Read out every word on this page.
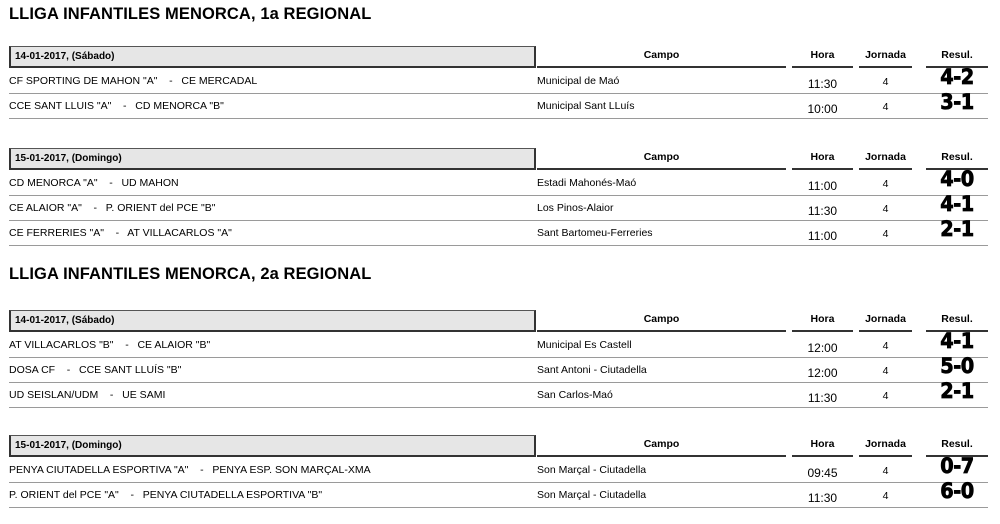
LLIGA INFANTILES MENORCA, 1a REGIONAL
14-01-2017, (Sábado)	Campo	Hora	Jornada	Resul.
CF SPORTING DE MAHON "A"    -   CE MERCADAL	Municipal de Maó	11:30	4	4-2
CCE SANT LLUIS "A"    -   CD MENORCA "B"	Municipal Sant LLuís	10:00	4	3-1
15-01-2017, (Domingo)	Campo	Hora	Jornada	Resul.
CD MENORCA "A"    -   UD MAHON	Estadi Mahonés-Maó	11:00	4	4-0
CE ALAIOR "A"    -   P. ORIENT del PCE "B"	Los Pinos-Alaior	11:30	4	4-1
CE FERRERIES "A"    -   AT VILLACARLOS "A"	Sant Bartomeu-Ferreries	11:00	4	2-1
LLIGA INFANTILES MENORCA, 2a REGIONAL
14-01-2017, (Sábado)	Campo	Hora	Jornada	Resul.
AT VILLACARLOS "B"    -   CE ALAIOR "B"	Municipal Es Castell	12:00	4	4-1
DOSA CF    -   CCE SANT LLUÍS "B"	Sant Antoni - Ciutadella	12:00	4	5-0
UD SEISLAN/UDM    -   UE SAMI	San Carlos-Maó	11:30	4	2-1
15-01-2017, (Domingo)	Campo	Hora	Jornada	Resul.
PENYA CIUTADELLA ESPORTIVA "A"    -   PENYA ESP. SON MARÇAL-XMA	Son Marçal - Ciutadella	09:45	4	0-7
P. ORIENT del PCE "A"    -   PENYA CIUTADELLA ESPORTIVA "B"	Son Marçal - Ciutadella	11:30	4	6-0
